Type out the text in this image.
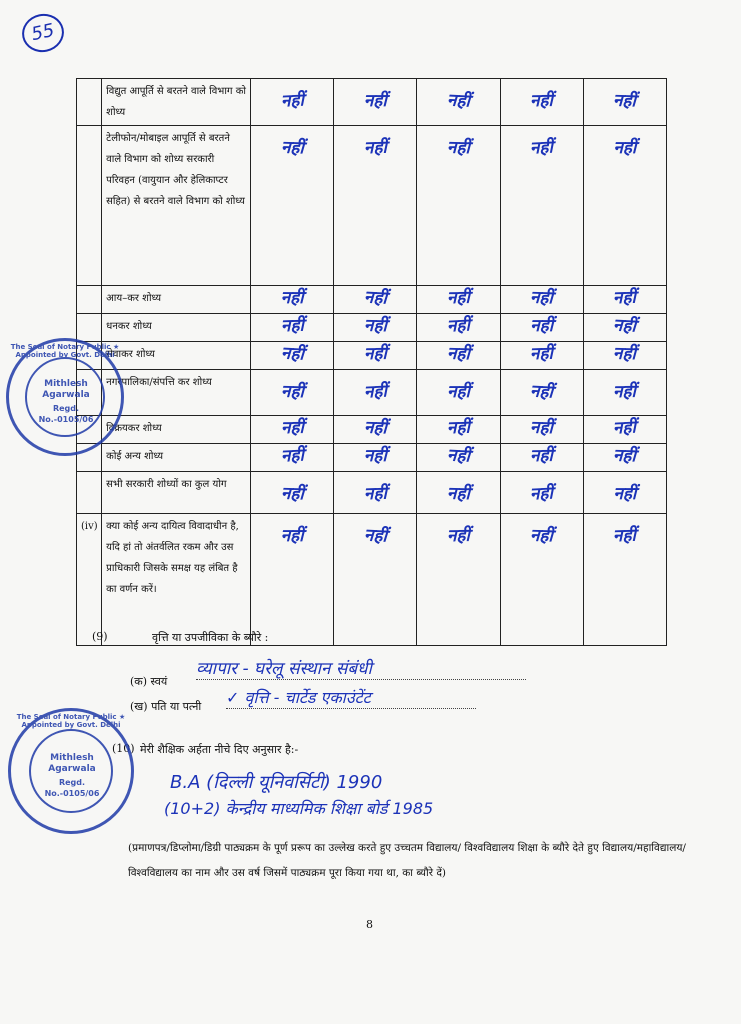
55
	विद्युत आपूर्ति से बरतने वाले विभाग को शोध्य	नहीं	नहीं	नहीं	नहीं	नहीं
	टेलीफोन/मोबाइल आपूर्ति से बरतने वाले विभाग को शोध्य सरकारी परिवहन (वायुयान और हेलिकाप्टर सहित) से बरतने वाले विभाग को शोध्य	नहीं	नहीं	नहीं	नहीं	नहीं
	आय–कर शोध्य	नहीं	नहीं	नहीं	नहीं	नहीं
	धनकर शोध्य	नहीं	नहीं	नहीं	नहीं	नहीं
	सेवाकर शोध्य	नहीं	नहीं	नहीं	नहीं	नहीं
	नगरपालिका/संपत्ति कर शोध्य	नहीं	नहीं	नहीं	नहीं	नहीं
	विक्रयकर शोध्य	नहीं	नहीं	नहीं	नहीं	नहीं
	कोई अन्य शोध्य	नहीं	नहीं	नहीं	नहीं	नहीं
	सभी सरकारी शोध्यों का कुल योग	नहीं	नहीं	नहीं	नहीं	नहीं
(iv)	क्या कोई अन्य दायित्व विवादाधीन है, यदि हां तो अंतर्वलित रकम और उस प्राधिकारी जिसके समक्ष यह लंबित है का वर्णन करें।	नहीं	नहीं	नहीं	नहीं	नहीं
(9)	वृत्ति या उपजीविका के ब्यौरे :
(क) स्वयं
व्यापार - घरेलू संस्थान संबंधी
(ख) पति या पत्नी ✓ वृत्ति - चार्टेड एकाउंटेंट
(10) मेरी शैक्षिक अर्हता नीचे दिए अनुसार है:-
B.A (दिल्ली यूनिवर्सिटी) 1990
(10+2) केन्द्रीय माध्यमिक शिक्षा बोर्ड 1985
(प्रमाणपत्र/डिप्लोमा/डिग्री पाठ्यक्रम के पूर्ण प्ररूप का उल्लेख करते हुए उच्चतम विद्यालय/ विश्वविद्यालय शिक्षा के ब्यौरे देते हुए विद्यालय/महाविद्यालय/विश्वविद्यालय का नाम और उस वर्ष जिसमें पाठ्यक्रम पूरा किया गया था, का ब्यौरे दें)
8
The Seal of Notary Public ★ Appointed by Govt. Delhi
Mithlesh Agarwala
Regd. No.-0105/06
The Seal of Notary Public ★ Appointed by Govt. Delhi
Mithlesh Agarwala
Regd. No.-0105/06
